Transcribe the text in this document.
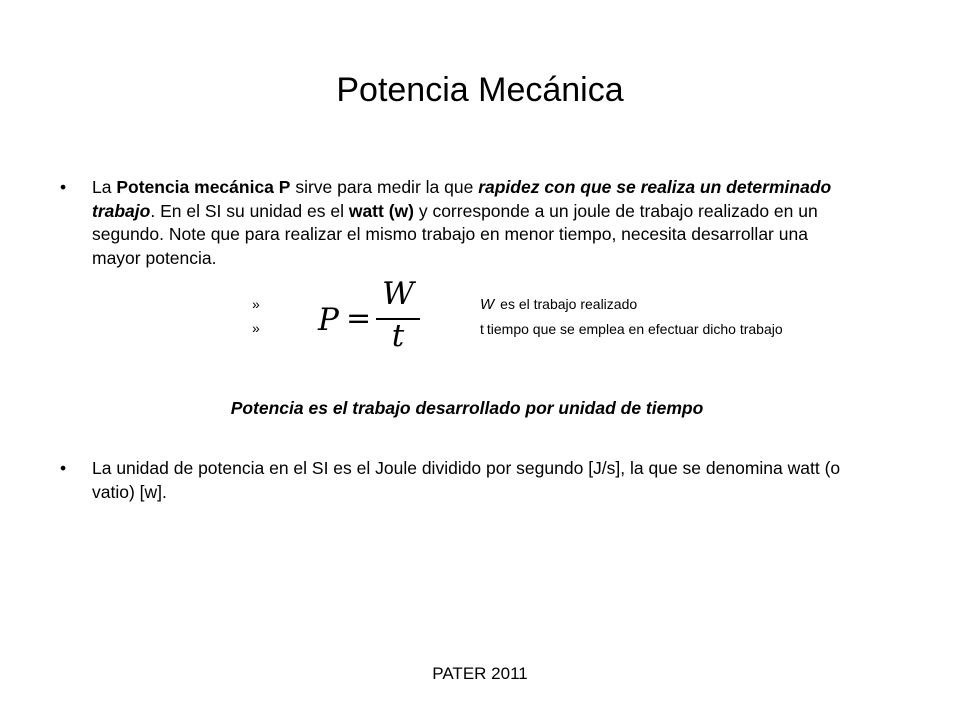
Potencia Mecánica
•	La Potencia mecánica P sirve para medir la que rapidez con que se realiza un determinado trabajo. En el SI su unidad es el watt (w) y corresponde a un joule de trabajo realizado en un segundo. Note que para realizar el mismo trabajo en menor tiempo, necesita desarrollar una mayor potencia.
»
» P =
W
t
W es el trabajo realizado
t tiempo que se emplea en efectuar dicho trabajo
Potencia es el trabajo desarrollado por unidad de tiempo
•	La unidad de potencia en el SI es el Joule dividido por segundo [J/s], la que se denomina watt (o vatio) [w].
PATER 2011
